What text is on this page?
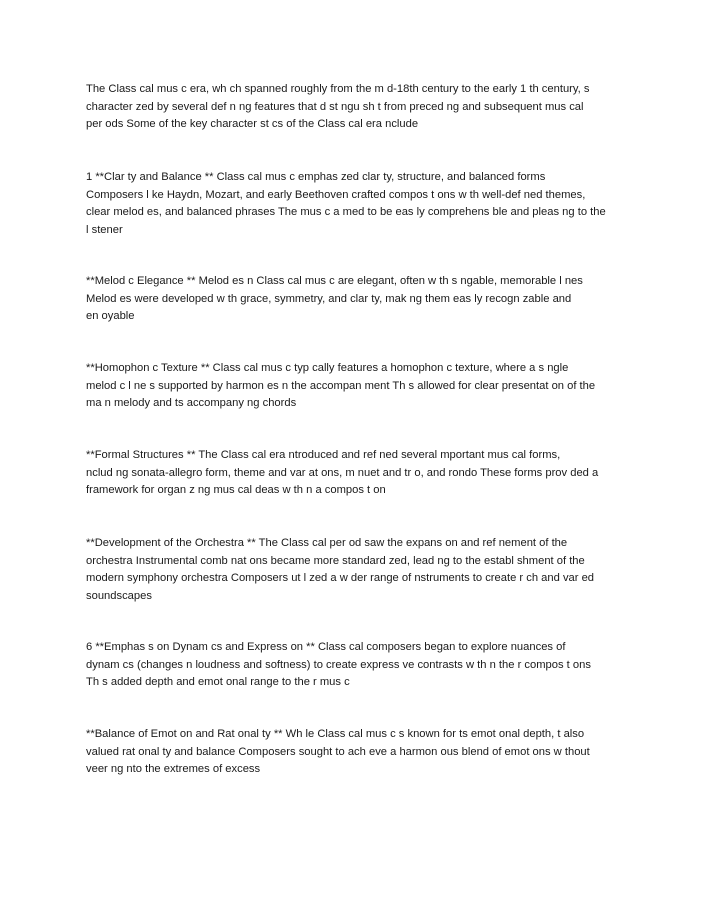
The Class cal mus c era, wh ch spanned roughly from the m d-18th century to the early 1 th century, s
character zed by several def n ng features that d st ngu sh t from preced ng and subsequent mus cal
per ods Some of the key character st cs of the Class cal era nclude

1 **Clar ty and Balance ** Class cal mus c emphas zed clar ty, structure, and balanced forms
Composers l ke Haydn, Mozart, and early Beethoven crafted compos t ons w th well-def ned themes,
clear melod es, and balanced phrases The mus c a med to be eas ly comprehens ble and pleas ng to the
l stener

**Melod c Elegance ** Melod es n Class cal mus c are elegant, often w th s ngable, memorable l nes
Melod es were developed w th grace, symmetry, and clar ty, mak ng them eas ly recogn zable and
en oyable

**Homophon c Texture ** Class cal mus c typ cally features a homophon c texture, where a s ngle
melod c l ne s supported by harmon es n the accompan ment Th s allowed for clear presentat on of the
ma n melody and ts accompany ng chords

**Formal Structures ** The Class cal era ntroduced and ref ned several mportant mus cal forms,
nclud ng sonata-allegro form, theme and var at ons, m nuet and tr o, and rondo These forms prov ded a
framework for organ z ng mus cal deas w th n a compos t on

**Development of the Orchestra ** The Class cal per od saw the expans on and ref nement of the
orchestra Instrumental comb nat ons became more standard zed, lead ng to the establ shment of the
modern symphony orchestra Composers ut l zed a w der range of nstruments to create r ch and var ed
soundscapes

6 **Emphas s on Dynam cs and Express on ** Class cal composers began to explore nuances of
dynam cs (changes n loudness and softness) to create express ve contrasts w th n the r compos t ons
Th s added depth and emot onal range to the r mus c

**Balance of Emot on and Rat onal ty ** Wh le Class cal mus c s known for ts emot onal depth, t also
valued rat onal ty and balance Composers sought to ach eve a harmon ous blend of emot ons w thout
veer ng nto the extremes of excess
